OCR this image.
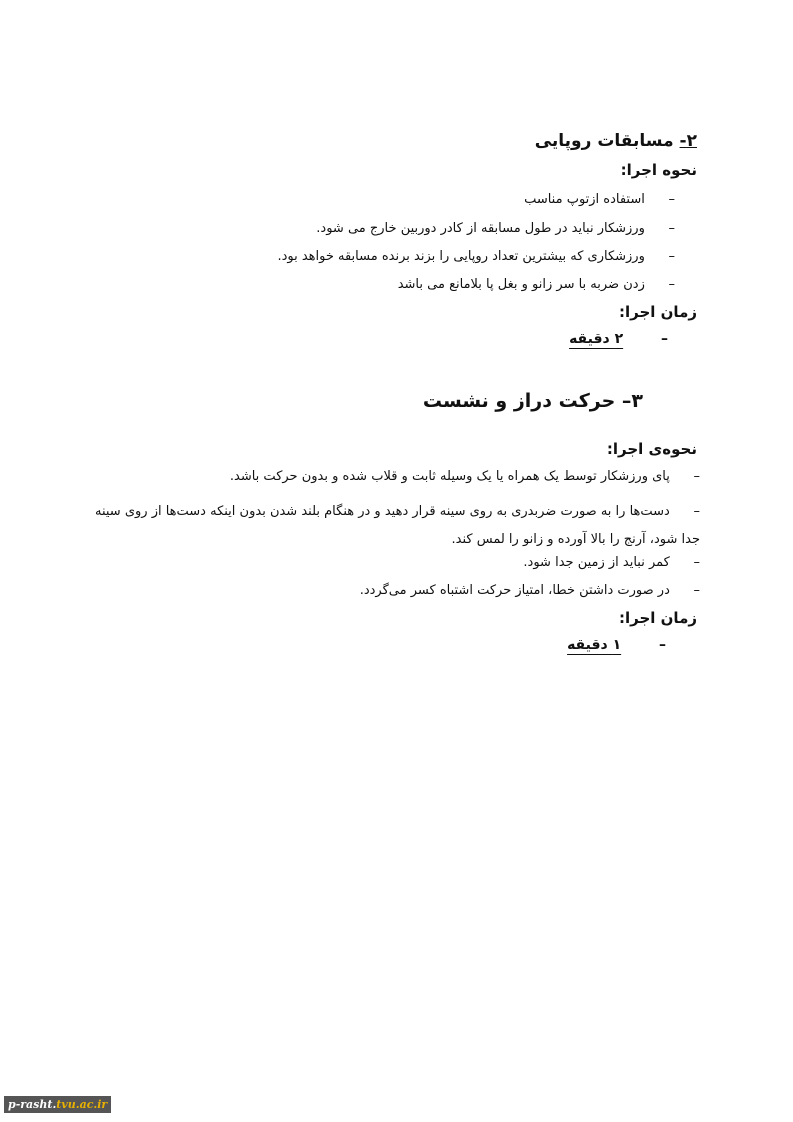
۲- مسابقات روپایی
نحوه اجرا:
– استفاده ازتوپ مناسب
– ورزشکار نباید در طول مسابقه از کادر دوربین خارج می شود.
– ورزشکاری که بیشترین تعداد روپایی را بزند برنده مسابقه خواهد بود.
– زدن ضربه با سر زانو و بغل پا بلامانع می باشد
زمان اجرا:
– ۲ دقیقه
۳– حرکت دراز و نشست
نحوه‌ی اجرا:
– پای ورزشکار توسط یک همراه یا یک وسیله ثابت و قلاب شده و بدون حرکت باشد.
– دست‌ها را به صورت ضربدری به روی سینه قرار دهید و در هنگام بلند شدن بدون اینکه دست‌ها از روی سینه جدا شود، آرنج را بالا آورده و زانو را لمس کند.
– کمر نباید از زمین جدا شود.
– در صورت داشتن خطا، امتیاز حرکت اشتباه کسر می‌گردد.
زمان اجرا:
– ۱ دقیقه
p-rasht.tvu.ac.ir
